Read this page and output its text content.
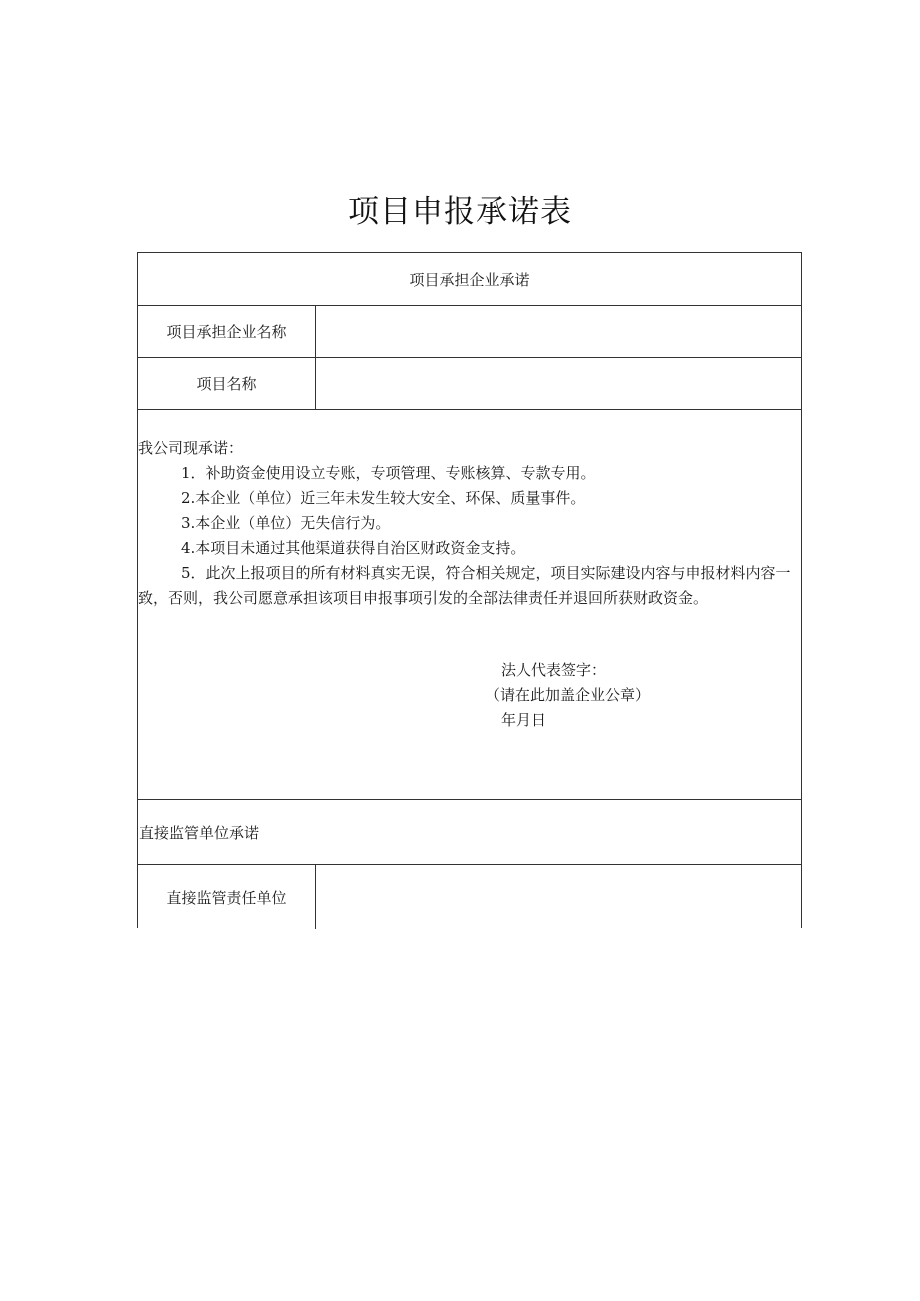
项目申报承诺表
项目承担企业承诺
项目承担企业名称
项目名称

我公司现承诺：

1．补助资金使用设立专账，专项管理、专账核算、专款专用。

2.本企业（单位）近三年未发生较大安全、环保、质量事件。

3.本企业（单位）无失信行为。

4.本项目未通过其他渠道获得自治区财政资金支持。

5．此次上报项目的所有材料真实无误，符合相关规定，项目实际建设内容与申报材料内容一

致，否则，我公司愿意承担该项目申报事项引发的全部法律责任并退回所获财政资金。

法人代表签字：
（请在此加盖企业公章）
年月日
直接监管单位承诺
直接监管责任单位
